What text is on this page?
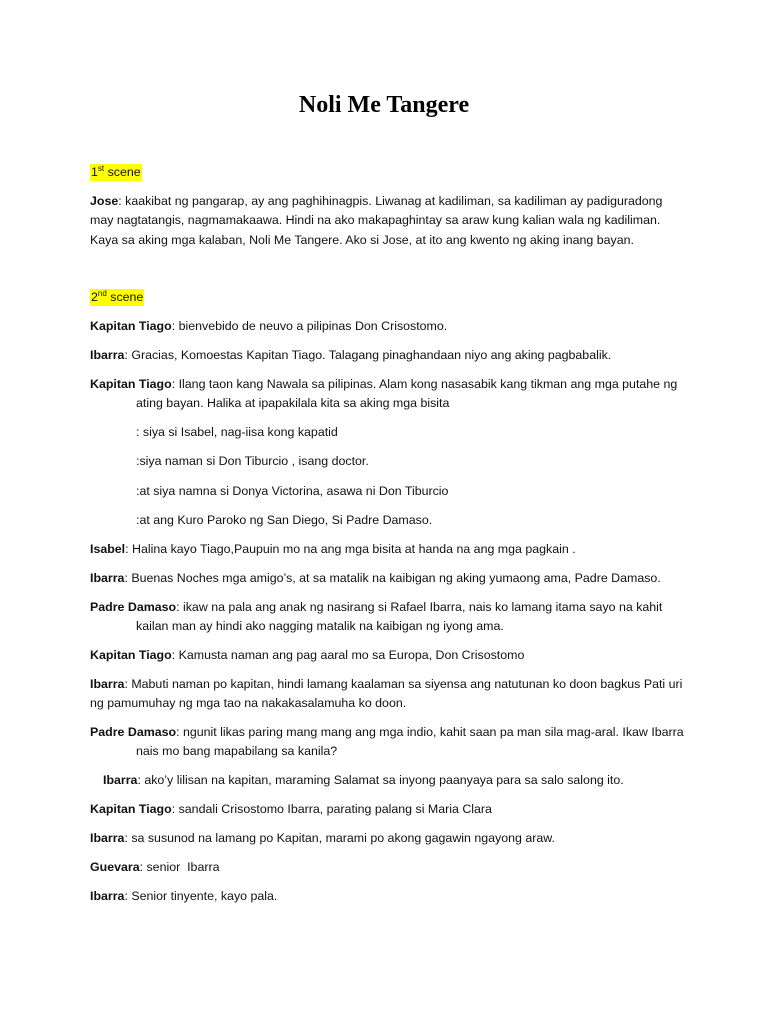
Noli Me Tangere
1st scene
Jose: kaakibat ng pangarap, ay ang paghihinagpis. Liwanag at kadiliman, sa kadiliman ay padiguradong may nagtatangis, nagmamakaawa. Hindi na ako makapaghintay sa araw kung kalian wala ng kadiliman. Kaya sa aking mga kalaban, Noli Me Tangere. Ako si Jose, at ito ang kwento ng aking inang bayan.
2nd scene
Kapitan Tiago: bienvebido de neuvo a pilipinas Don Crisostomo.
Ibarra: Gracias, Komoestas Kapitan Tiago. Talagang pinaghandaan niyo ang aking pagbabalik.
Kapitan Tiago: Ilang taon kang Nawala sa pilipinas. Alam kong nasasabik kang tikman ang mga putahe ng ating bayan. Halika at ipapakilala kita sa aking mga bisita
: siya si Isabel, nag-iisa kong kapatid
:siya naman si Don Tiburcio , isang doctor.
:at siya namna si Donya Victorina, asawa ni Don Tiburcio
:at ang Kuro Paroko ng San Diego, Si Padre Damaso.
Isabel: Halina kayo Tiago,Paupuin mo na ang mga bisita at handa na ang mga pagkain .
Ibarra: Buenas Noches mga amigo’s, at sa matalik na kaibigan ng aking yumaong ama, Padre Damaso.
Padre Damaso: ikaw na pala ang anak ng nasirang si Rafael Ibarra, nais ko lamang itama sayo na kahit kailan man ay hindi ako nagging matalik na kaibigan ng iyong ama.
Kapitan Tiago: Kamusta naman ang pag aaral mo sa Europa, Don Crisostomo
Ibarra: Mabuti naman po kapitan, hindi lamang kaalaman sa siyensa ang natutunan ko doon bagkus Pati uri ng pamumuhay ng mga tao na nakakasalamuha ko doon.
Padre Damaso: ngunit likas paring mang mang ang mga indio, kahit saan pa man sila mag-aral. Ikaw Ibarra nais mo bang mapabilang sa kanila?
Ibarra: ako’y lilisan na kapitan, maraming Salamat sa inyong paanyaya para sa salo salong ito.
Kapitan Tiago: sandali Crisostomo Ibarra, parating palang si Maria Clara
Ibarra: sa susunod na lamang po Kapitan, marami po akong gagawin ngayong araw.
Guevara: senior  Ibarra
Ibarra: Senior tinyente, kayo pala.
